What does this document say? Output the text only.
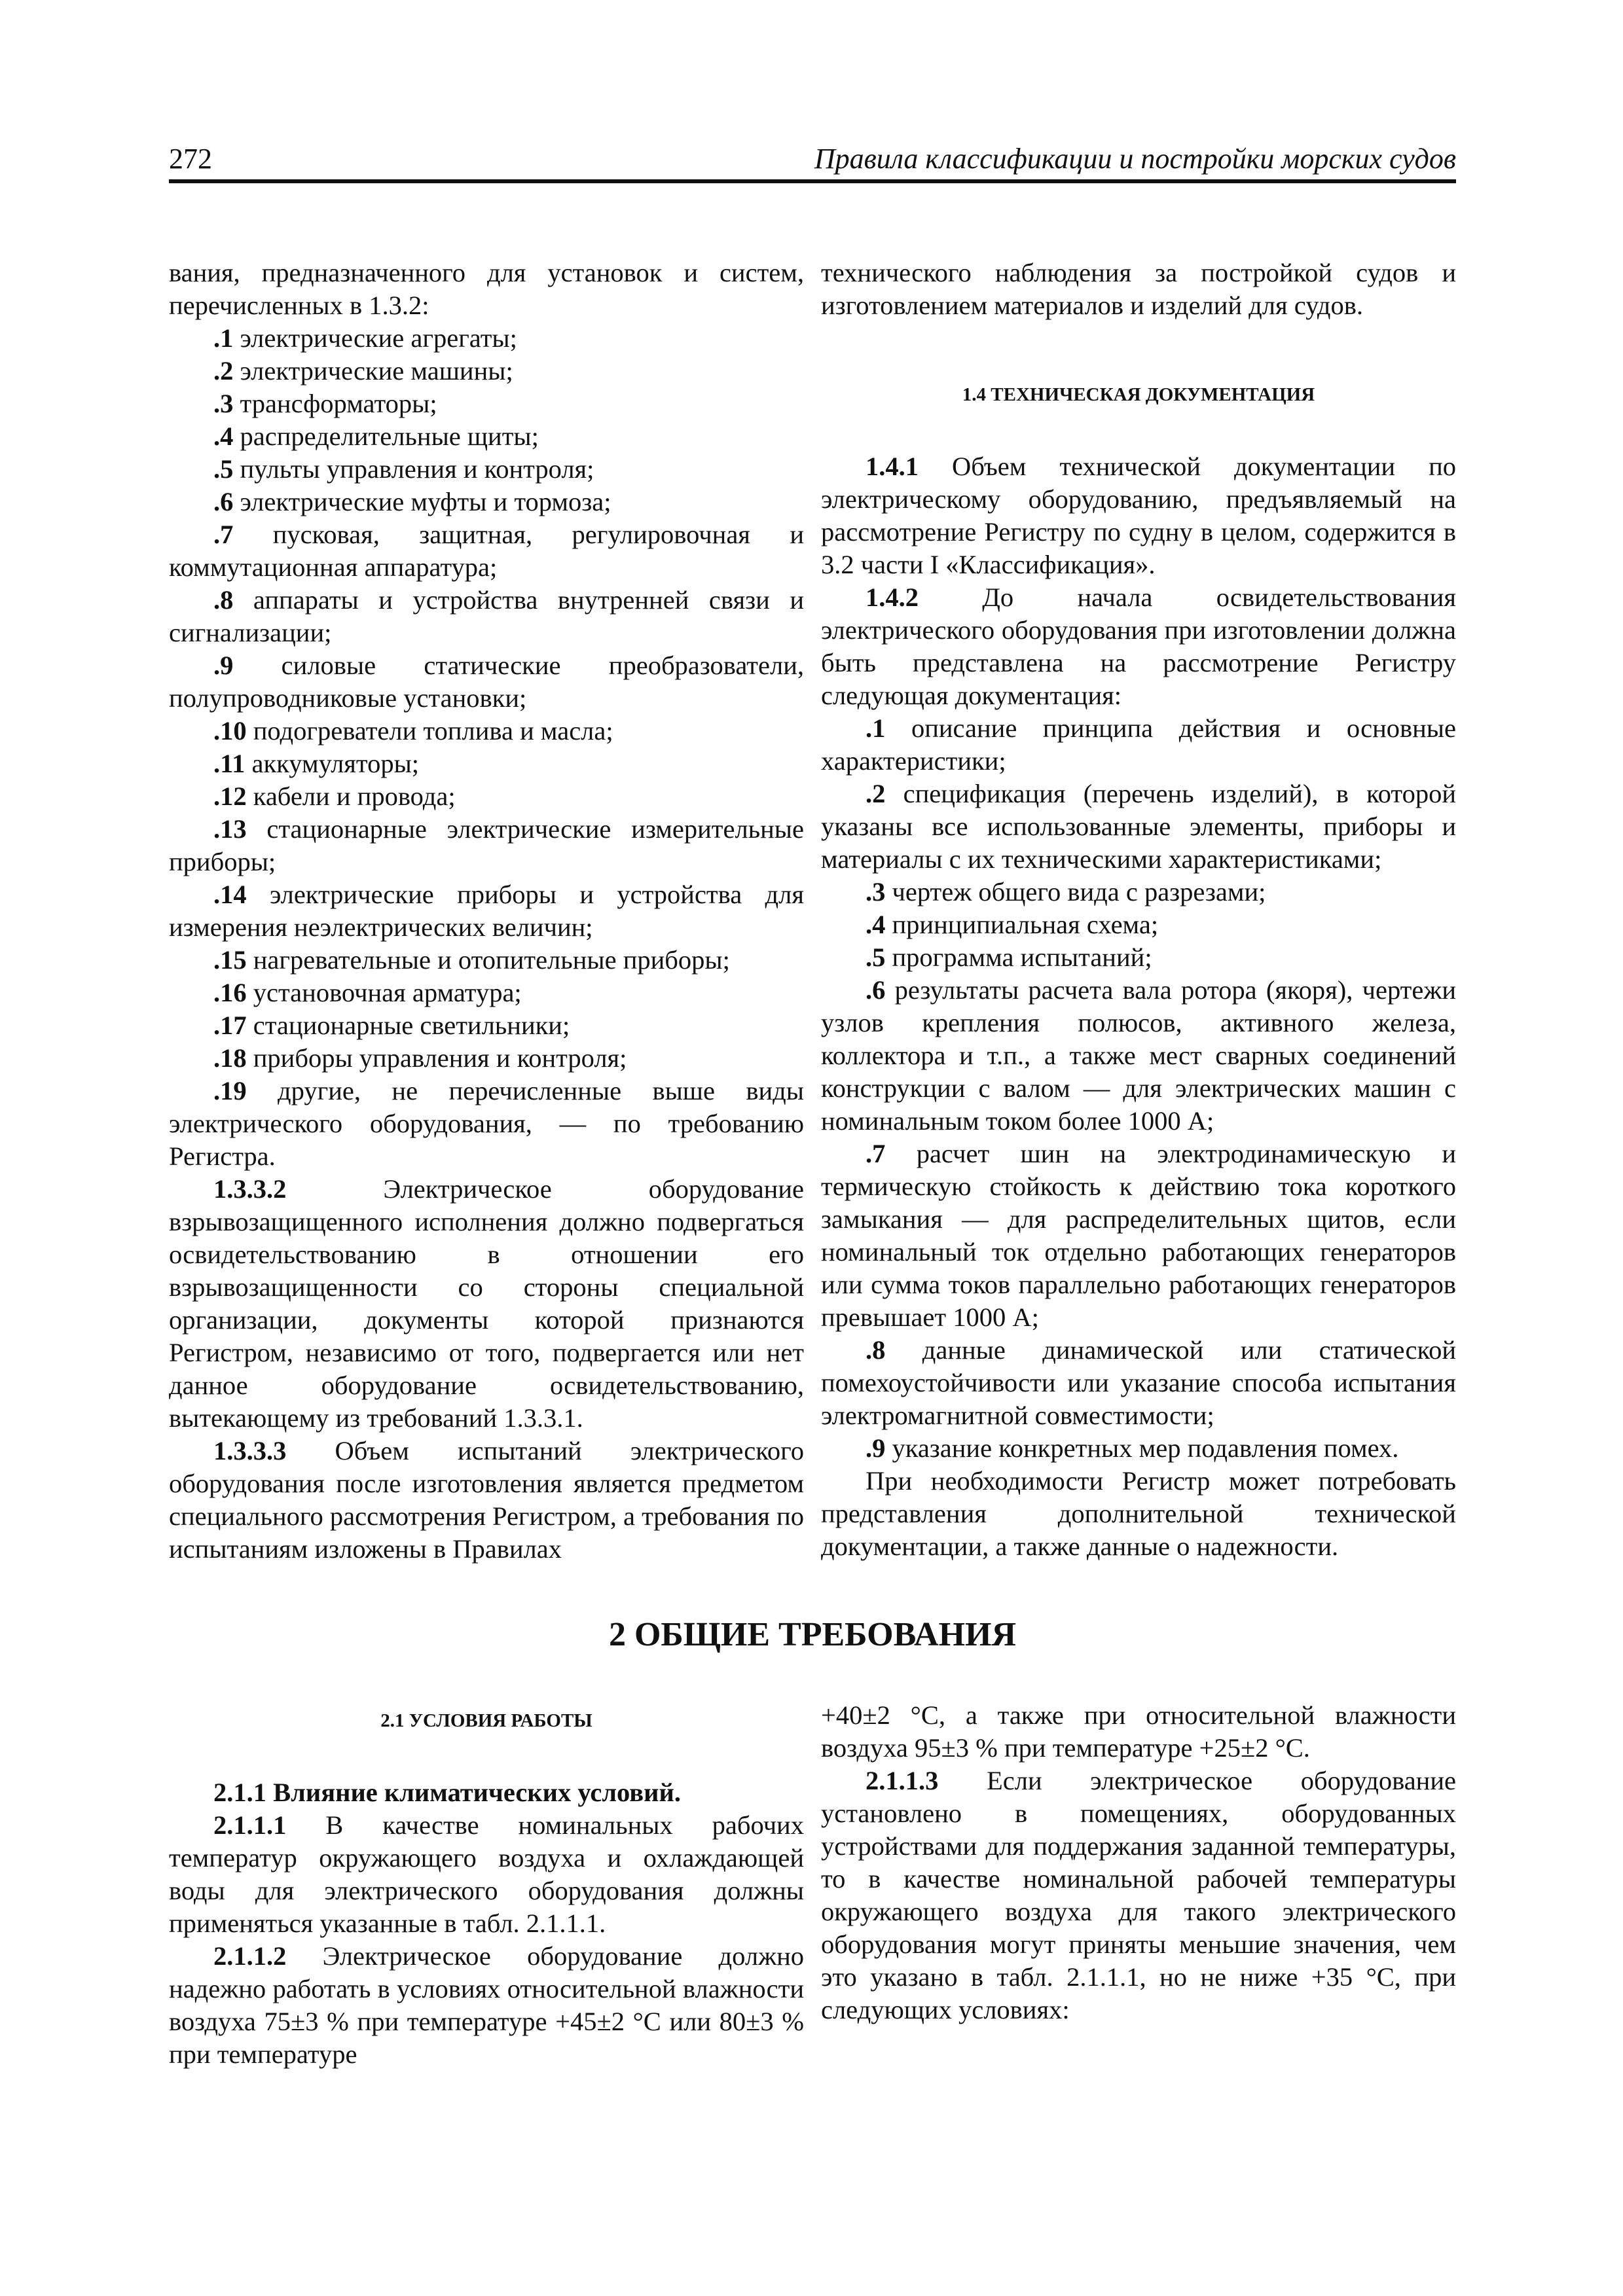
272	Правила классификации и постройки морских судов

вания, предназначенного для установок и систем, перечисленных в 1.3.2:

.1 электрические агрегаты;

.2 электрические машины;

.3 трансформаторы;

.4 распределительные щиты;

.5 пульты управления и контроля;

.6 электрические муфты и тормоза;

.7 пусковая, защитная, регулировочная и коммутационная аппаратура;

.8 аппараты и устройства внутренней связи и сигнализации;

.9 силовые статические преобразователи, полупроводниковые установки;

.10 подогреватели топлива и масла;

.11 аккумуляторы;

.12 кабели и провода;

.13 стационарные электрические измерительные приборы;

.14 электрические приборы и устройства для измерения неэлектрических величин;

.15 нагревательные и отопительные приборы;

.16 установочная арматура;

.17 стационарные светильники;

.18 приборы управления и контроля;

.19 другие, не перечисленные выше виды электрического оборудования, — по требованию Регистра.

1.3.3.2 Электрическое оборудование взрывозащищенного исполнения должно подвергаться освидетельствованию в отношении его взрывозащищенности со стороны специальной организации, документы которой признаются Регистром, независимо от того, подвергается или нет данное оборудование освидетельствованию, вытекающему из требований 1.3.3.1.

1.3.3.3 Объем испытаний электрического оборудования после изготовления является предметом специального рассмотрения Регистром, а требования по испытаниям изложены в Правилах

технического наблюдения за постройкой судов и изготовлением материалов и изделий для судов.

1.4 ТЕХНИЧЕСКАЯ ДОКУМЕНТАЦИЯ

1.4.1 Объем технической документации по электрическому оборудованию, предъявляемый на рассмотрение Регистру по судну в целом, содержится в 3.2 части I «Классификация».

1.4.2 До начала освидетельствования электрического оборудования при изготовлении должна быть представлена на рассмотрение Регистру следующая документация:

.1 описание принципа действия и основные характеристики;

.2 спецификация (перечень изделий), в которой указаны все использованные элементы, приборы и материалы с их техническими характеристиками;

.3 чертеж общего вида с разрезами;

.4 принципиальная схема;

.5 программа испытаний;

.6 результаты расчета вала ротора (якоря), чертежи узлов крепления полюсов, активного железа, коллектора и т.п., а также мест сварных соединений конструкции с валом — для электрических машин с номинальным током более 1000 А;

.7 расчет шин на электродинамическую и термическую стойкость к действию тока короткого замыкания — для распределительных щитов, если номинальный ток отдельно работающих генераторов или сумма токов параллельно работающих генераторов превышает 1000 А;

.8 данные динамической или статической помехоустойчивости или указание способа испытания электромагнитной совместимости;

.9 указание конкретных мер подавления помех.

При необходимости Регистр может потребовать представления дополнительной технической документации, а также данные о надежности.

2 ОБЩИЕ ТРЕБОВАНИЯ

2.1 УСЛОВИЯ РАБОТЫ

2.1.1 Влияние климатических условий.

2.1.1.1 В качестве номинальных рабочих температур окружающего воздуха и охлаждающей воды для электрического оборудования должны применяться указанные в табл. 2.1.1.1.

2.1.1.2 Электрическое оборудование должно надежно работать в условиях относительной влажности воздуха 75±3 % при температуре +45±2 °C или 80±3 % при температуре

+40±2 °C, а также при относительной влажности воздуха 95±3 % при температуре +25±2 °C.

2.1.1.3 Если электрическое оборудование установлено в помещениях, оборудованных устройствами для поддержания заданной температуры, то в качестве номинальной рабочей температуры окружающего воздуха для такого электрического оборудования могут приняты меньшие значения, чем это указано в табл. 2.1.1.1, но не ниже +35 °C, при следующих условиях:
